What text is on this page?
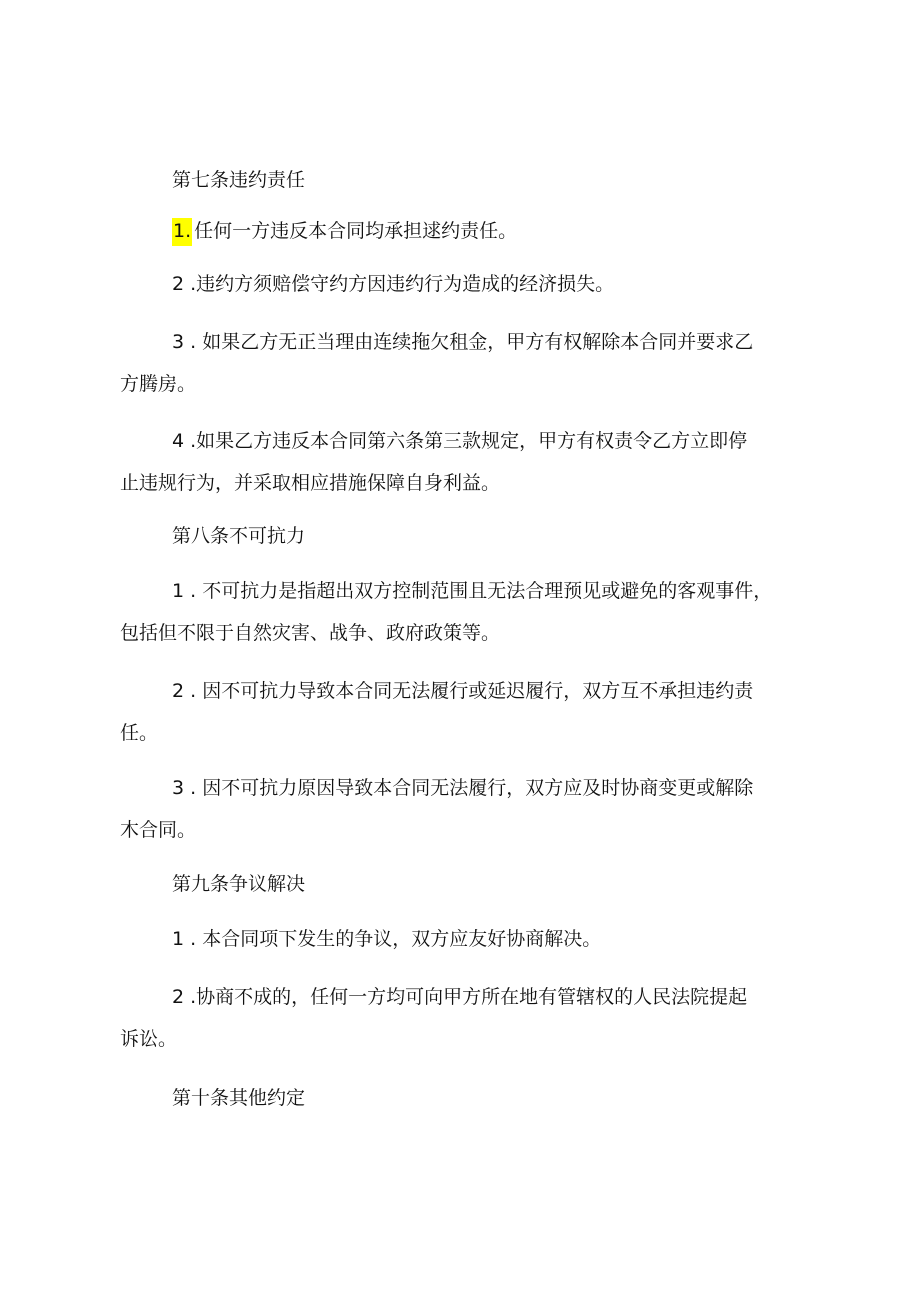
第七条违约责任
1. 任何一方违反本合同均承担逑约责任。
2 .违约方须赔偿守约方因违约行为造成的经济损失。
3 . 如果乙方无正当理由连续拖欠租金，甲方有权解除本合同并要求乙
方腾房。
4 .如果乙方违反本合同第六条第三款规定，甲方有权责令乙方立即停
止违规行为，并采取相应措施保障自身利益。
第八条不可抗力
1 . 不可抗力是指超出双方控制范围且无法合理预见或避免的客观事件，
包括但不限于自然灾害、战争、政府政策等。
2 . 因不可抗力导致本合同无法履行或延迟履行，双方互不承担违约责
任。
3 . 因不可抗力原因导致本合同无法履行，双方应及时协商变更或解除
木合同。
第九条争议解决
1 . 本合同项下发生的争议，双方应友好协商解决。
2 .协商不成的，任何一方均可向甲方所在地有管辖权的人民法院提起
诉讼。
第十条其他约定
